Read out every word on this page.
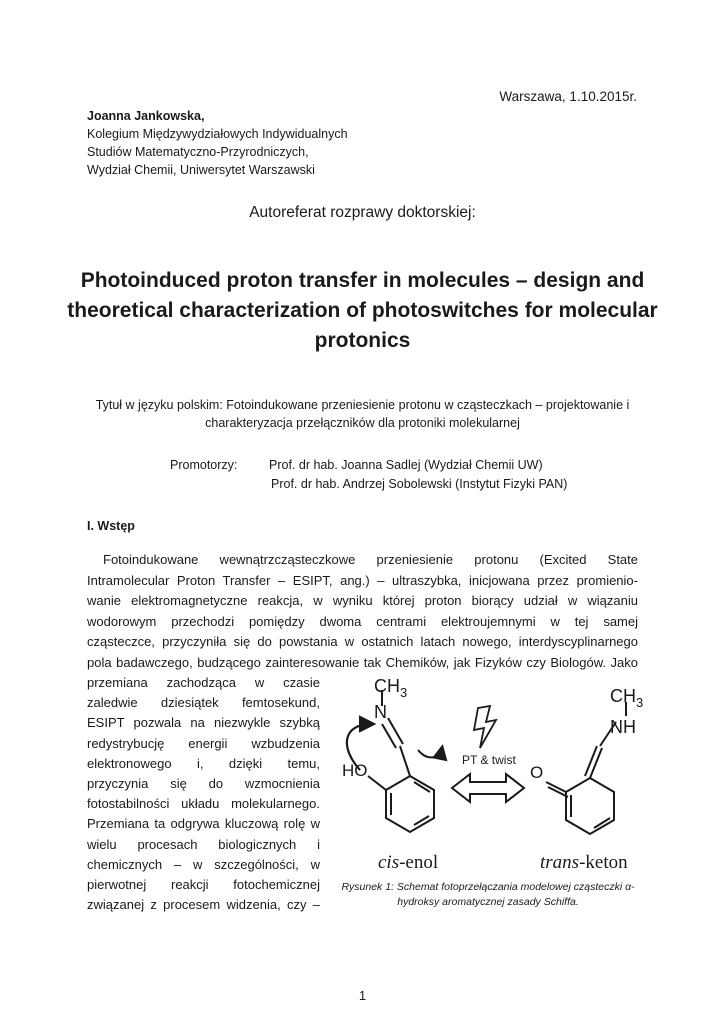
Warszawa, 1.10.2015r.
Joanna Jankowska,
Kolegium Międzywydziałowych Indywidualnych
Studiów Matematyczno-Przyrodniczych,
Wydział Chemii, Uniwersytet Warszawski
Autoreferat rozprawy doktorskiej:
Photoinduced proton transfer in molecules – design and theoretical characterization of photoswitches for molecular protonics
Tytuł w języku polskim: Fotoindukowane przeniesienie protonu w cząsteczkach – projektowanie i charakteryzacja przełączników dla protoniki molekularnej
Promotorzy:	Prof. dr hab. Joanna Sadlej (Wydział Chemii UW)
Prof. dr hab. Andrzej Sobolewski (Instytut Fizyki PAN)
I. Wstęp
Fotoindukowane wewnątrzcząsteczkowe przeniesienie protonu (Excited State
Intramolecular Proton Transfer – ESIPT, ang.) – ultraszybka, inicjowana przez promienio-
wanie elektromagnetyczne reakcja, w wyniku której proton biorący udział w wiązaniu
wodorowym przechodzi pomiędzy dwoma centrami elektroujemnymi w tej samej
cząsteczce, przyczyniła się do powstania w ostatnich latach nowego, interdyscyplinarnego
pola badawczego, budzącego zainteresowanie tak Chemików, jak Fizyków czy Biologów. Jako
przemiana zachodząca w czasie
zaledwie dziesiątek femtosekund,
ESIPT pozwala na niezwykle szybką
redystrybucję energii wzbudzenia
elektronowego i, dzięki temu,
przyczynia się do wzmocnienia
fotostabilności układu molekularnego.
Przemiana ta odgrywa kluczową rolę w
wielu procesach biologicznych i
chemicznych – w szczególności, w
pierwotnej reakcji fotochemicznej
związanej z procesem widzenia, czy –
N
$CH_3$
HO
PT & twist
$CH_3$
NH
O
cis-enol	trans-keton
Rysunek 1: Schemat fotoprzełączania modelowej cząsteczki α-hydroksy aromatycznej zasady Schiffa.
1
